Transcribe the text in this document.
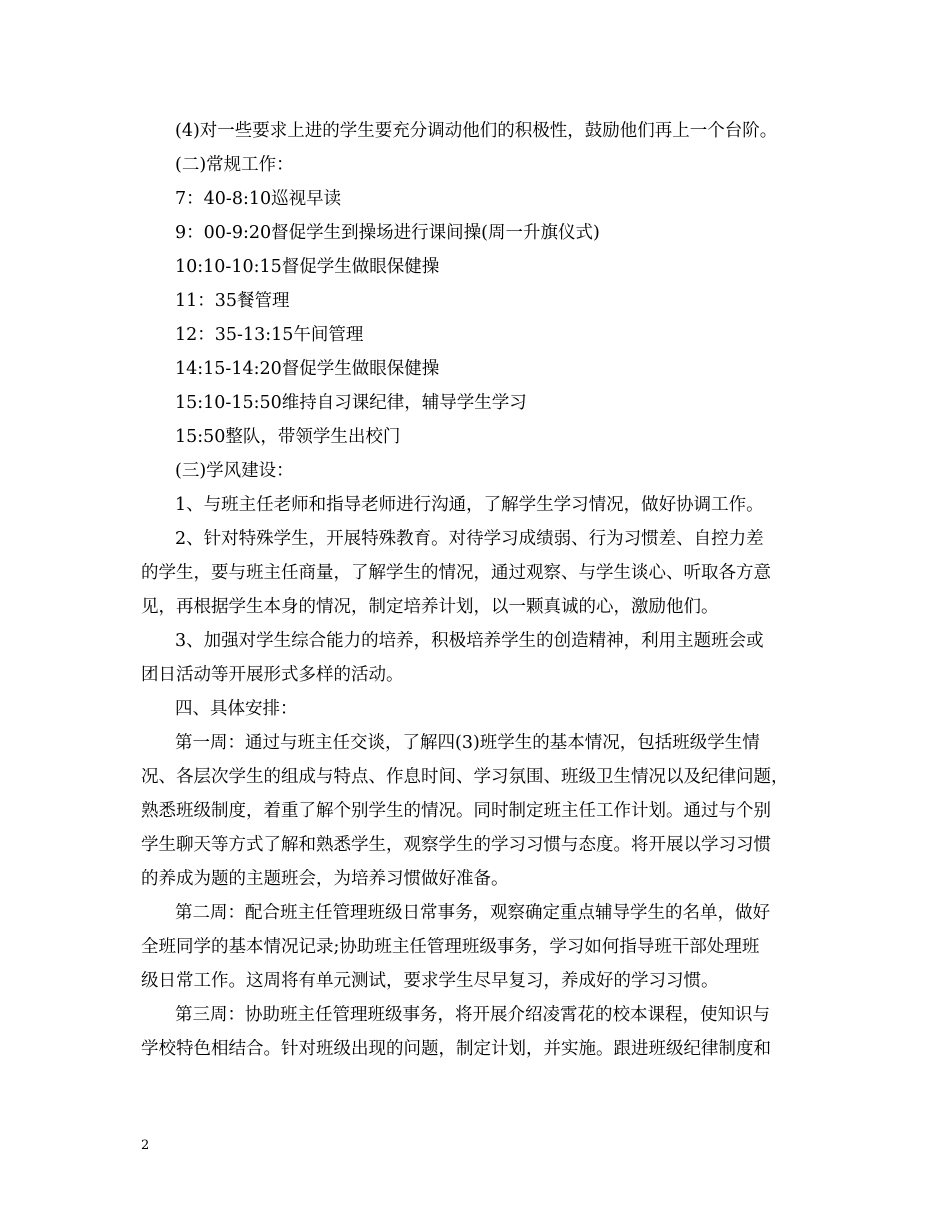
(4)对一些要求上进的学生要充分调动他们的积极性，鼓励他们再上一个台阶。
(二)常规工作：
7：40-8:10巡视早读
9：00-9:20督促学生到操场进行课间操(周一升旗仪式)
10:10-10:15督促学生做眼保健操
11：35餐管理
12：35-13:15午间管理
14:15-14:20督促学生做眼保健操
15:10-15:50维持自习课纪律，辅导学生学习
15:50整队，带领学生出校门
(三)学风建设：
1、与班主任老师和指导老师进行沟通，了解学生学习情况，做好协调工作。
2、针对特殊学生，开展特殊教育。对待学习成绩弱、行为习惯差、自控力差
的学生，要与班主任商量，了解学生的情况，通过观察、与学生谈心、听取各方意
见，再根据学生本身的情况，制定培养计划，以一颗真诚的心，激励他们。
3、加强对学生综合能力的培养，积极培养学生的创造精神，利用主题班会或
团日活动等开展形式多样的活动。
四、具体安排：
第一周：通过与班主任交谈，了解四(3)班学生的基本情况，包括班级学生情
况、各层次学生的组成与特点、作息时间、学习氛围、班级卫生情况以及纪律问题，
熟悉班级制度，着重了解个别学生的情况。同时制定班主任工作计划。通过与个别
学生聊天等方式了解和熟悉学生，观察学生的学习习惯与态度。将开展以学习习惯
的养成为题的主题班会，为培养习惯做好准备。
第二周：配合班主任管理班级日常事务，观察确定重点辅导学生的名单，做好
全班同学的基本情况记录;协助班主任管理班级事务，学习如何指导班干部处理班
级日常工作。这周将有单元测试，要求学生尽早复习，养成好的学习习惯。
第三周：协助班主任管理班级事务，将开展介绍凌霄花的校本课程，使知识与
学校特色相结合。针对班级出现的问题，制定计划，并实施。跟进班级纪律制度和
2
